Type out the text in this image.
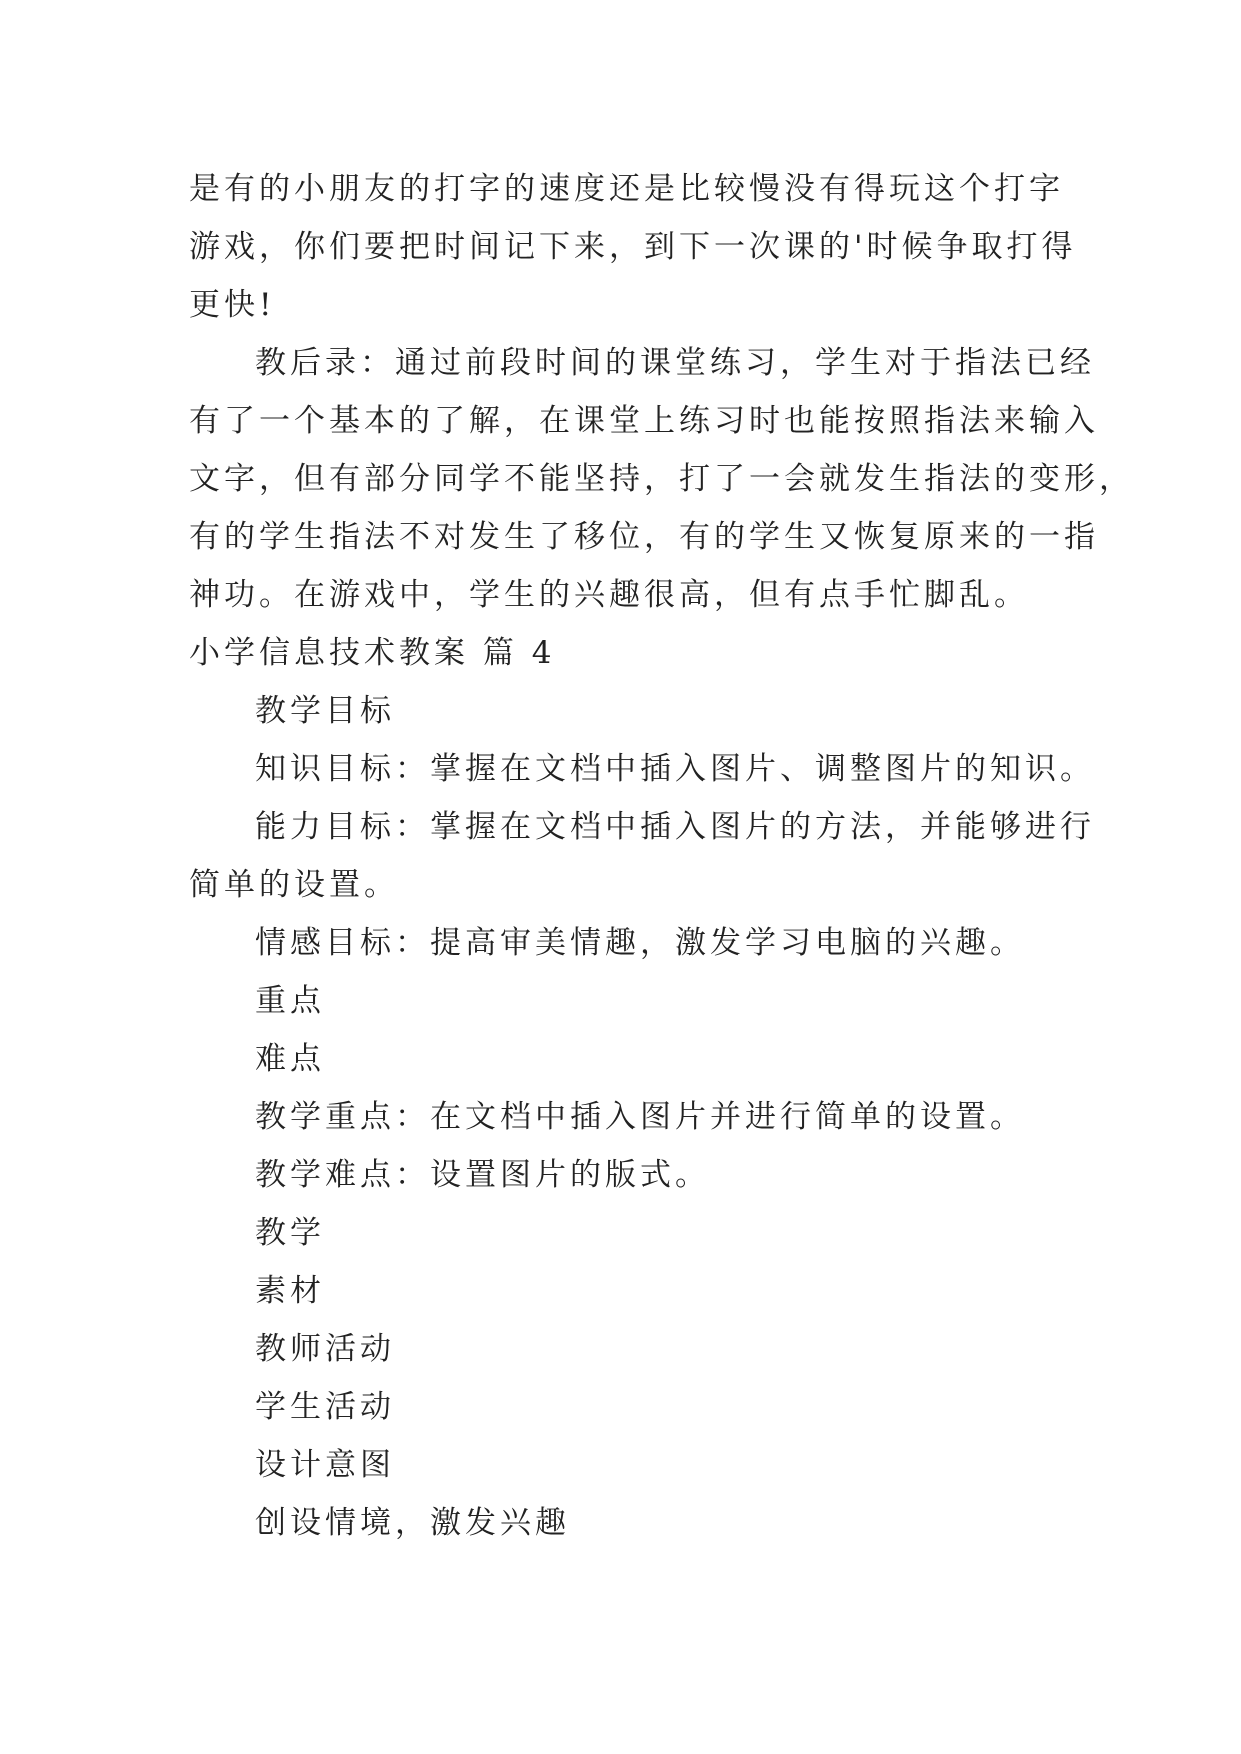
是有的小朋友的打字的速度还是比较慢没有得玩这个打字
游戏，你们要把时间记下来，到下一次课的'时候争取打得
更快!
教后录：通过前段时间的课堂练习，学生对于指法已经
有了一个基本的了解，在课堂上练习时也能按照指法来输入
文字，但有部分同学不能坚持，打了一会就发生指法的变形，
有的学生指法不对发生了移位，有的学生又恢复原来的一指
神功。在游戏中，学生的兴趣很高，但有点手忙脚乱。

小学信息技术教案 篇 4

教学目标

知识目标：掌握在文档中插入图片、调整图片的知识。

能力目标：掌握在文档中插入图片的方法，并能够进行
简单的设置。

情感目标：提高审美情趣，激发学习电脑的兴趣。

重点

难点

教学重点：在文档中插入图片并进行简单的设置。

教学难点：设置图片的版式。

教学

素材

教师活动

学生活动

设计意图

创设情境，激发兴趣
